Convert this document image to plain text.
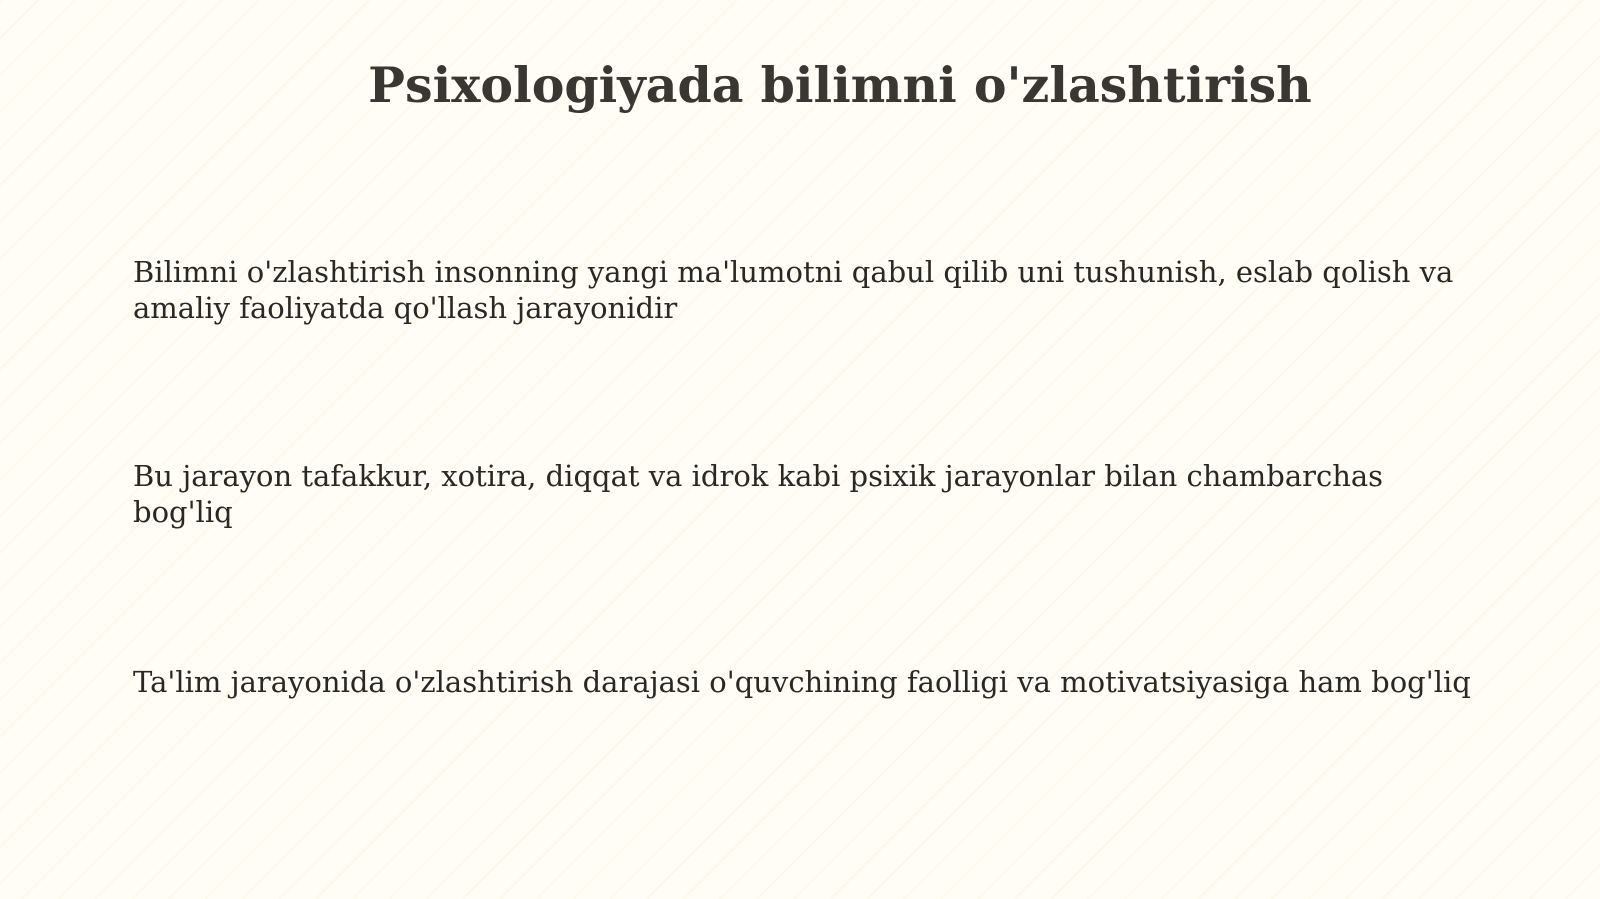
Psixologiyada bilimni o'zlashtirish

Bilimni o'zlashtirish insonning yangi ma'lumotni qabul qilib uni tushunish, eslab qolish va amaliy faoliyatda qo'llash jarayonidir

Bu jarayon tafakkur, xotira, diqqat va idrok kabi psixik jarayonlar bilan chambarchas bog'liq

Ta'lim jarayonida o'zlashtirish darajasi o'quvchining faolligi va motivatsiyasiga ham bog'liq
